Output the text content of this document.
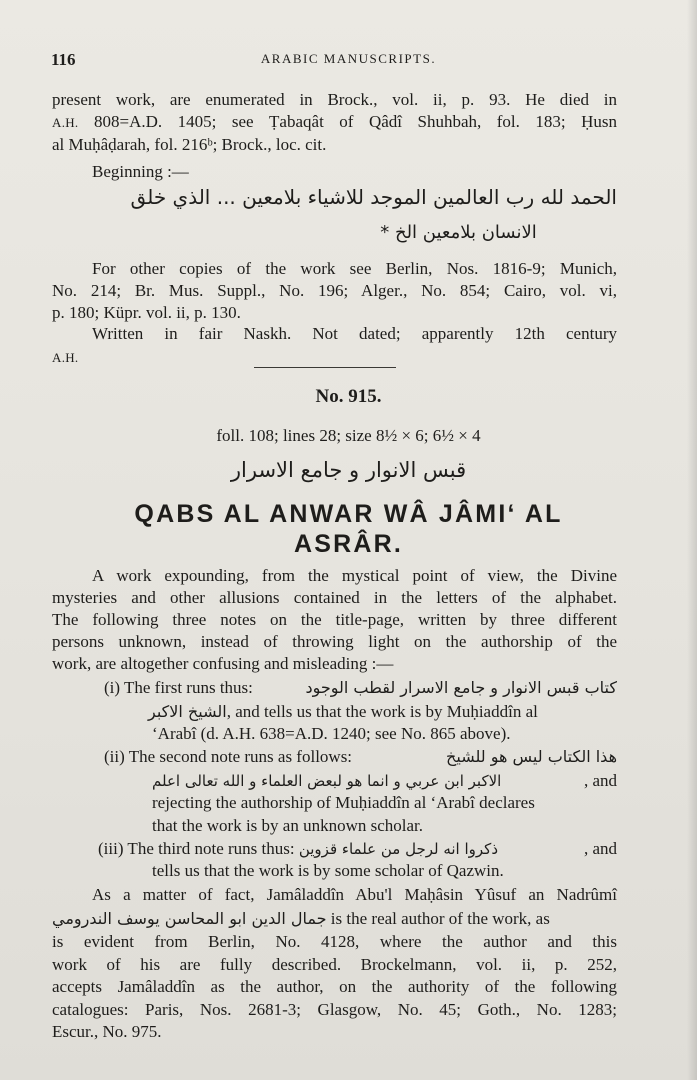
116	ARABIC MANUSCRIPTS.
present work, are enumerated in Brock., vol. ii, p. 93. He died in
A.H. 808=A.D. 1405; see Ṭabaqât of Qâdî Shuhbah, fol. 183; Ḥusn
al Muḥâḍarah, fol. 216ᵇ; Brock., loc. cit.
Beginning :—
الحمد لله رب العالمين الموجد للاشياء بلامعين ... الذي خلق
الانسان بلامعين الخ *
For other copies of the work see Berlin, Nos. 1816-9; Munich,
No. 214; Br. Mus. Suppl., No. 196; Alger., No. 854; Cairo, vol. vi,
p. 180; Küpr. vol. ii, p. 130.
Written in fair Naskh. Not dated; apparently 12th century
A.H.
No. 915.
foll. 108; lines 28; size 8½ × 6; 6½ × 4
قبس الانوار و جامع الاسرار
QABS AL ANWAR WÂ JÂMI‘ AL
ASRÂR.
A work expounding, from the mystical point of view, the Divine
mysteries and other allusions contained in the letters of the alphabet.
The following three notes on the title-page, written by three different
persons unknown, instead of throwing light on the authorship of the
work, are altogether confusing and misleading :—
(i) The first runs thus:	كتاب قبس الانوار و جامع الاسرار لقطب الوجود
الشيخ الاكبر, and tells us that the work is by Muḥiaddîn al
‘Arabî (d. A.H. 638=A.D. 1240; see No. 865 above).
(ii) The second note runs as follows:	هذا الكتاب ليس هو للشيخ
الاكبر ابن عربي و انما هو لبعض العلماء و الله تعالى اعلم	, and
rejecting the authorship of Muḥiaddîn al ‘Arabî declares
that the work is by an unknown scholar.
(iii) The third note runs thus: ذكروا انه لرجل من علماء قزوين	, and
tells us that the work is by some scholar of Qazwin.
As a matter of fact, Jamâladdîn Abu'l Maḥâsin Yûsuf an Nadrûmî
جمال الدين ابو المحاسن يوسف الندرومي is the real author of the work, as
is evident from Berlin, No. 4128, where the author and this
work of his are fully described. Brockelmann, vol. ii, p. 252,
accepts Jamâladdîn as the author, on the authority of the following
catalogues: Paris, Nos. 2681-3; Glasgow, No. 45; Goth., No. 1283;
Escur., No. 975.
